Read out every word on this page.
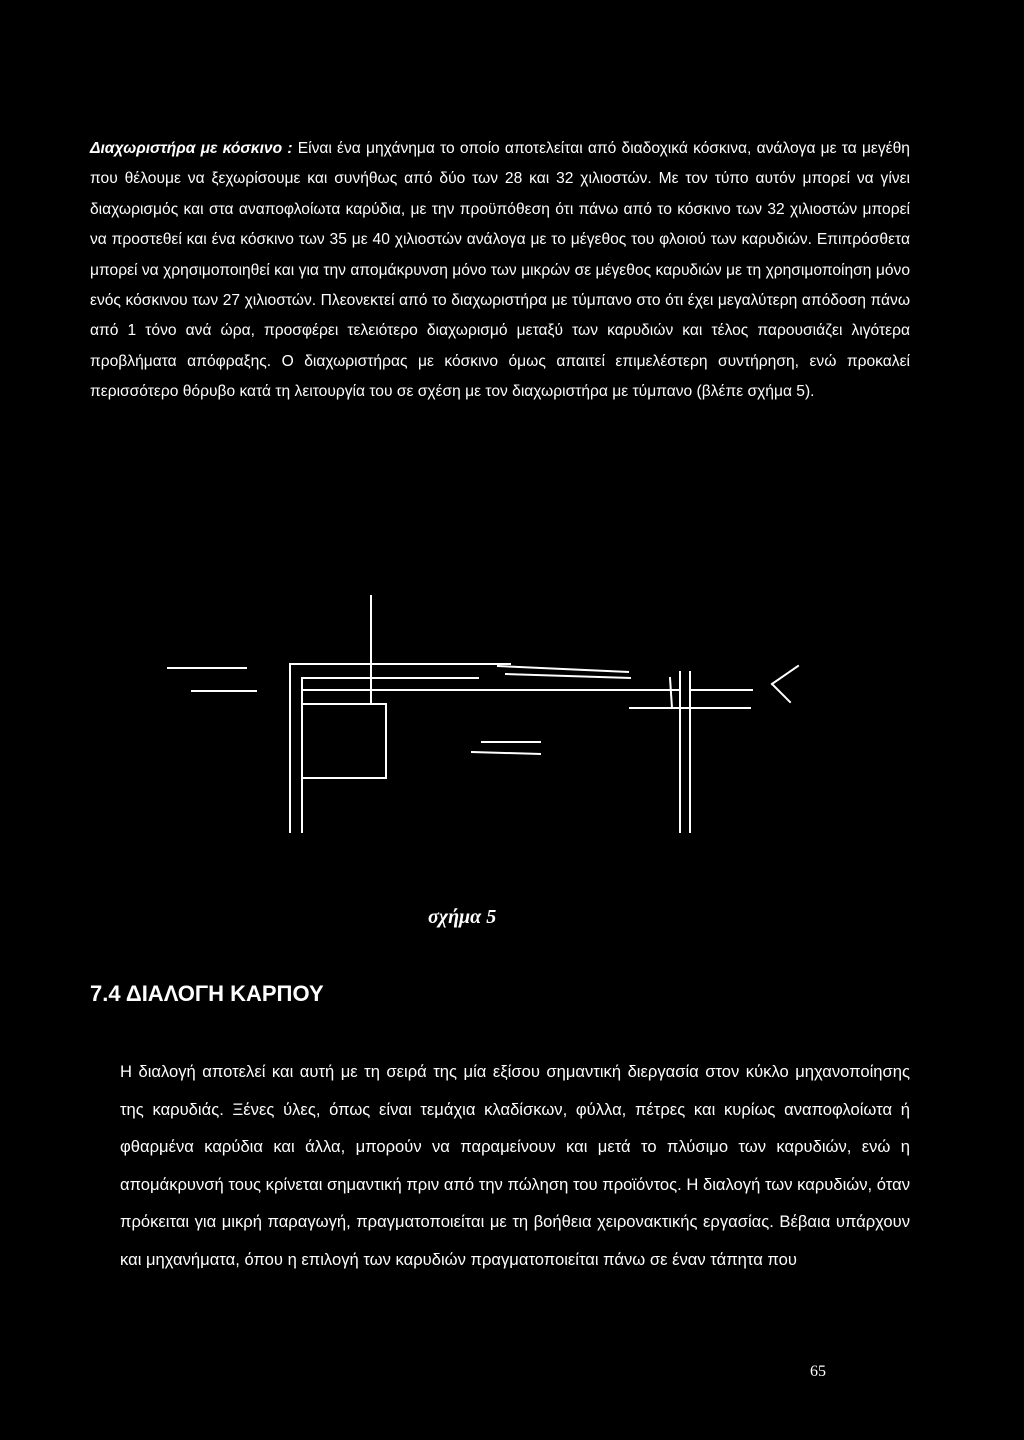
Διαχωριστήρα με κόσκινο : Είναι ένα μηχάνημα το οποίο αποτελείται από διαδοχικά κόσκινα, ανάλογα με τα μεγέθη που θέλουμε να ξεχωρίσουμε και συνήθως από δύο των 28 και 32 χιλιοστών. Με τον τύπο αυτόν μπορεί να γίνει διαχωρισμός και στα αναποφλοίωτα καρύδια, με την προϋπόθεση ότι πάνω από το κόσκινο των 32 χιλιοστών μπορεί να προστεθεί και ένα κόσκινο των 35 με 40 χιλιοστών ανάλογα με το μέγεθος του φλοιού των καρυδιών. Επιπρόσθετα μπορεί να χρησιμοποιηθεί και για την απομάκρυνση μόνο των μικρών σε μέγεθος καρυδιών με τη χρησιμοποίηση μόνο ενός κόσκινου των 27 χιλιοστών. Πλεονεκτεί από το διαχωριστήρα με τύμπανο στο ότι έχει μεγαλύτερη απόδοση πάνω από 1 τόνο ανά ώρα, προσφέρει τελειότερο διαχωρισμό μεταξύ των καρυδιών και τέλος παρουσιάζει λιγότερα προβλήματα απόφραξης. Ο διαχωριστήρας με κόσκινο όμως απαιτεί επιμελέστερη συντήρηση, ενώ προκαλεί περισσότερο θόρυβο κατά τη λειτουργία του σε σχέση με τον διαχωριστήρα με τύμπανο (βλέπε σχήμα 5).

σχήμα 5

7.4 ΔΙΑΛΟΓΗ ΚΑΡΠΟΥ

Η διαλογή αποτελεί και αυτή με τη σειρά της μία εξίσου σημαντική διεργασία στον κύκλο μηχανοποίησης της καρυδιάς. Ξένες ύλες, όπως είναι τεμάχια κλαδίσκων, φύλλα, πέτρες και κυρίως αναποφλοίωτα ή φθαρμένα καρύδια και άλλα, μπορούν να παραμείνουν και μετά το πλύσιμο των καρυδιών, ενώ η απομάκρυνσή τους κρίνεται σημαντική πριν από την πώληση του προϊόντος. Η διαλογή των καρυδιών, όταν πρόκειται για μικρή παραγωγή, πραγματοποιείται με τη βοήθεια χειρονακτικής εργασίας. Βέβαια υπάρχουν και μηχανήματα, όπου η επιλογή των καρυδιών πραγματοποιείται πάνω σε έναν τάπητα που

65
